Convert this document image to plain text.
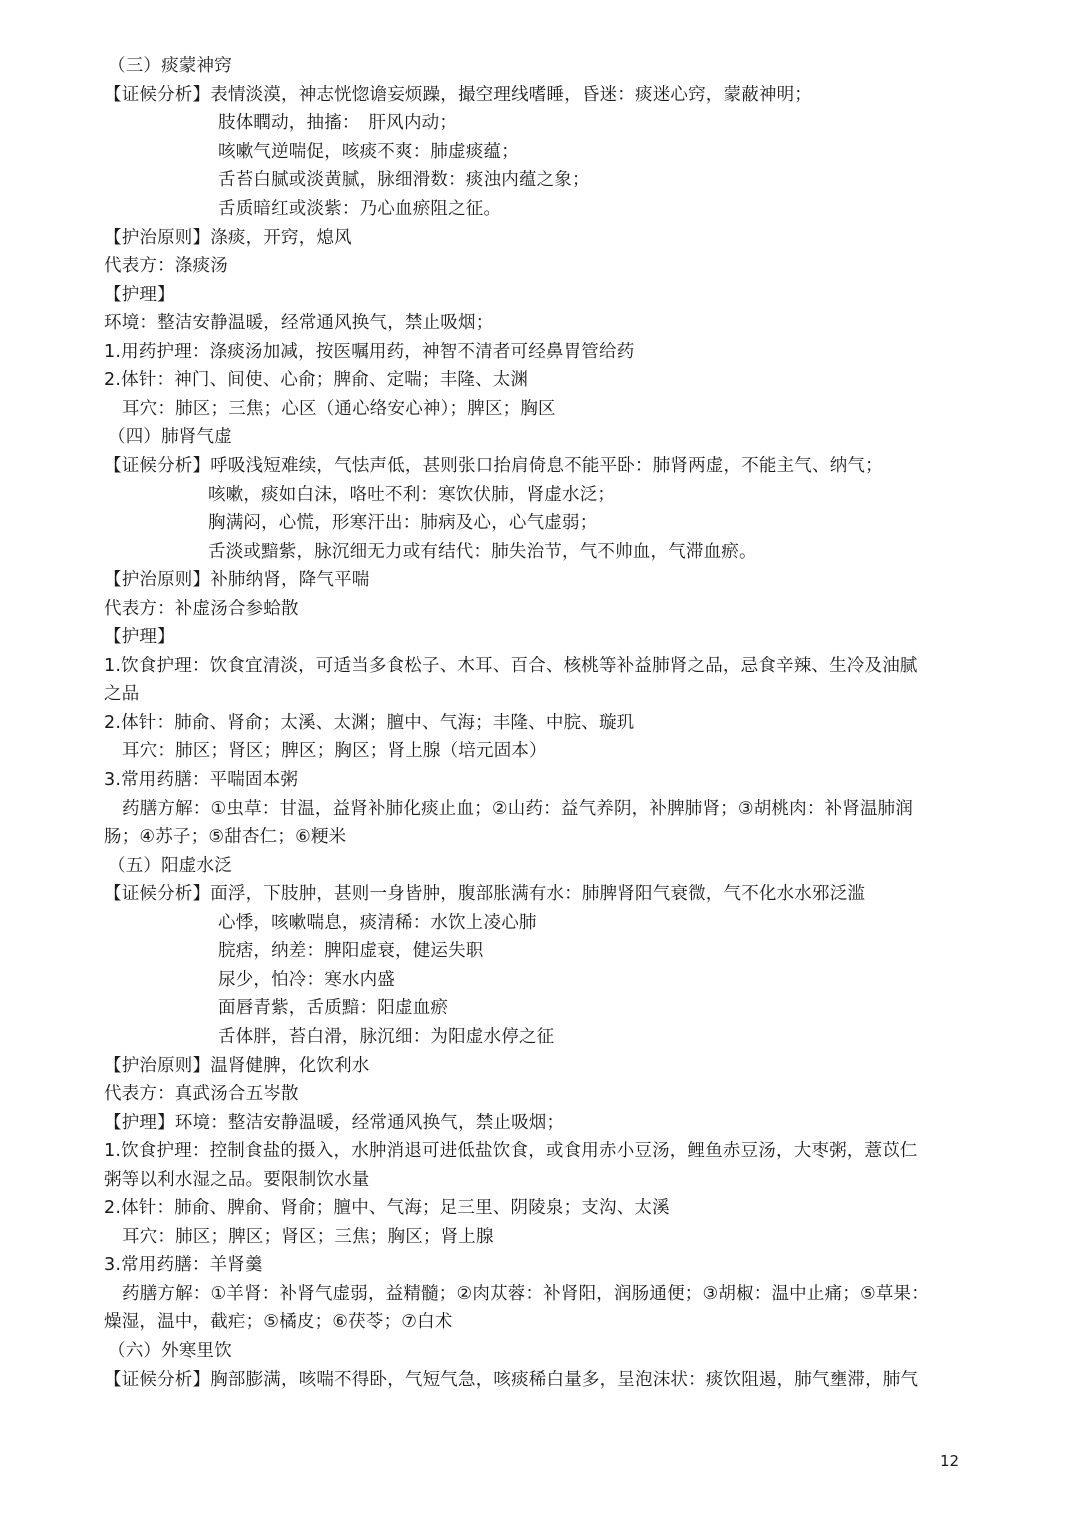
（三）痰蒙神窍
【证候分析】表情淡漠，神志恍惚谵妄烦躁，撮空理线嗜睡，昏迷：痰迷心窍，蒙蔽神明；
肢体瞤动，抽搐：　肝风内动；
咳嗽气逆喘促，咳痰不爽：肺虚痰蕴；
舌苔白腻或淡黄腻，脉细滑数：痰浊内蕴之象；
舌质暗红或淡紫：乃心血瘀阻之征。
【护治原则】涤痰，开窍，熄风
代表方：涤痰汤
【护理】
环境：整洁安静温暖，经常通风换气，禁止吸烟；
1.用药护理：涤痰汤加减，按医嘱用药，神智不清者可经鼻胃管给药
2.体针：神门、间使、心俞；脾俞、定喘；丰隆、太渊
耳穴：肺区；三焦；心区（通心络安心神）；脾区；胸区
（四）肺肾气虚
【证候分析】呼吸浅短难续，气怯声低，甚则张口抬肩倚息不能平卧：肺肾两虚，不能主气、纳气；
咳嗽，痰如白沫，咯吐不利：寒饮伏肺，肾虚水泛；
胸满闷，心慌，形寒汗出：肺病及心，心气虚弱；
舌淡或黯紫，脉沉细无力或有结代：肺失治节，气不帅血，气滞血瘀。
【护治原则】补肺纳肾，降气平喘
代表方：补虚汤合参蛤散
【护理】
1.饮食护理：饮食宜清淡，可适当多食松子、木耳、百合、核桃等补益肺肾之品，忌食辛辣、生冷及油腻
之品
2.体针：肺俞、肾俞；太溪、太渊；膻中、气海；丰隆、中脘、璇玑
耳穴：肺区；肾区；脾区；胸区；肾上腺（培元固本）
3.常用药膳：平喘固本粥
药膳方解：①虫草：甘温，益肾补肺化痰止血；②山药：益气养阴，补脾肺肾；③胡桃肉：补肾温肺润
肠；④苏子；⑤甜杏仁；⑥粳米
（五）阳虚水泛
【证候分析】面浮，下肢肿，甚则一身皆肿，腹部胀满有水：肺脾肾阳气衰微，气不化水水邪泛滥
心悸，咳嗽喘息，痰清稀：水饮上凌心肺
脘痞，纳差：脾阳虚衰，健运失职
尿少，怕冷：寒水内盛
面唇青紫，舌质黯：阳虚血瘀
舌体胖，苔白滑，脉沉细：为阳虚水停之征
【护治原则】温肾健脾，化饮利水
代表方：真武汤合五岑散
【护理】环境：整洁安静温暖，经常通风换气，禁止吸烟；
1.饮食护理：控制食盐的摄入，水肿消退可进低盐饮食，或食用赤小豆汤，鲤鱼赤豆汤，大枣粥，薏苡仁
粥等以利水湿之品。要限制饮水量
2.体针：肺俞、脾俞、肾俞；膻中、气海；足三里、阴陵泉；支沟、太溪
耳穴：肺区；脾区；肾区；三焦；胸区；肾上腺
3.常用药膳：羊肾羹
药膳方解：①羊肾：补肾气虚弱，益精髓；②肉苁蓉：补肾阳，润肠通便；③胡椒：温中止痛；⑤草果：
燥湿，温中，截疟；⑤橘皮；⑥茯苓；⑦白术
（六）外寒里饮
【证候分析】胸部膨满，咳喘不得卧，气短气急，咳痰稀白量多，呈泡沫状：痰饮阻遏，肺气壅滞，肺气
12
